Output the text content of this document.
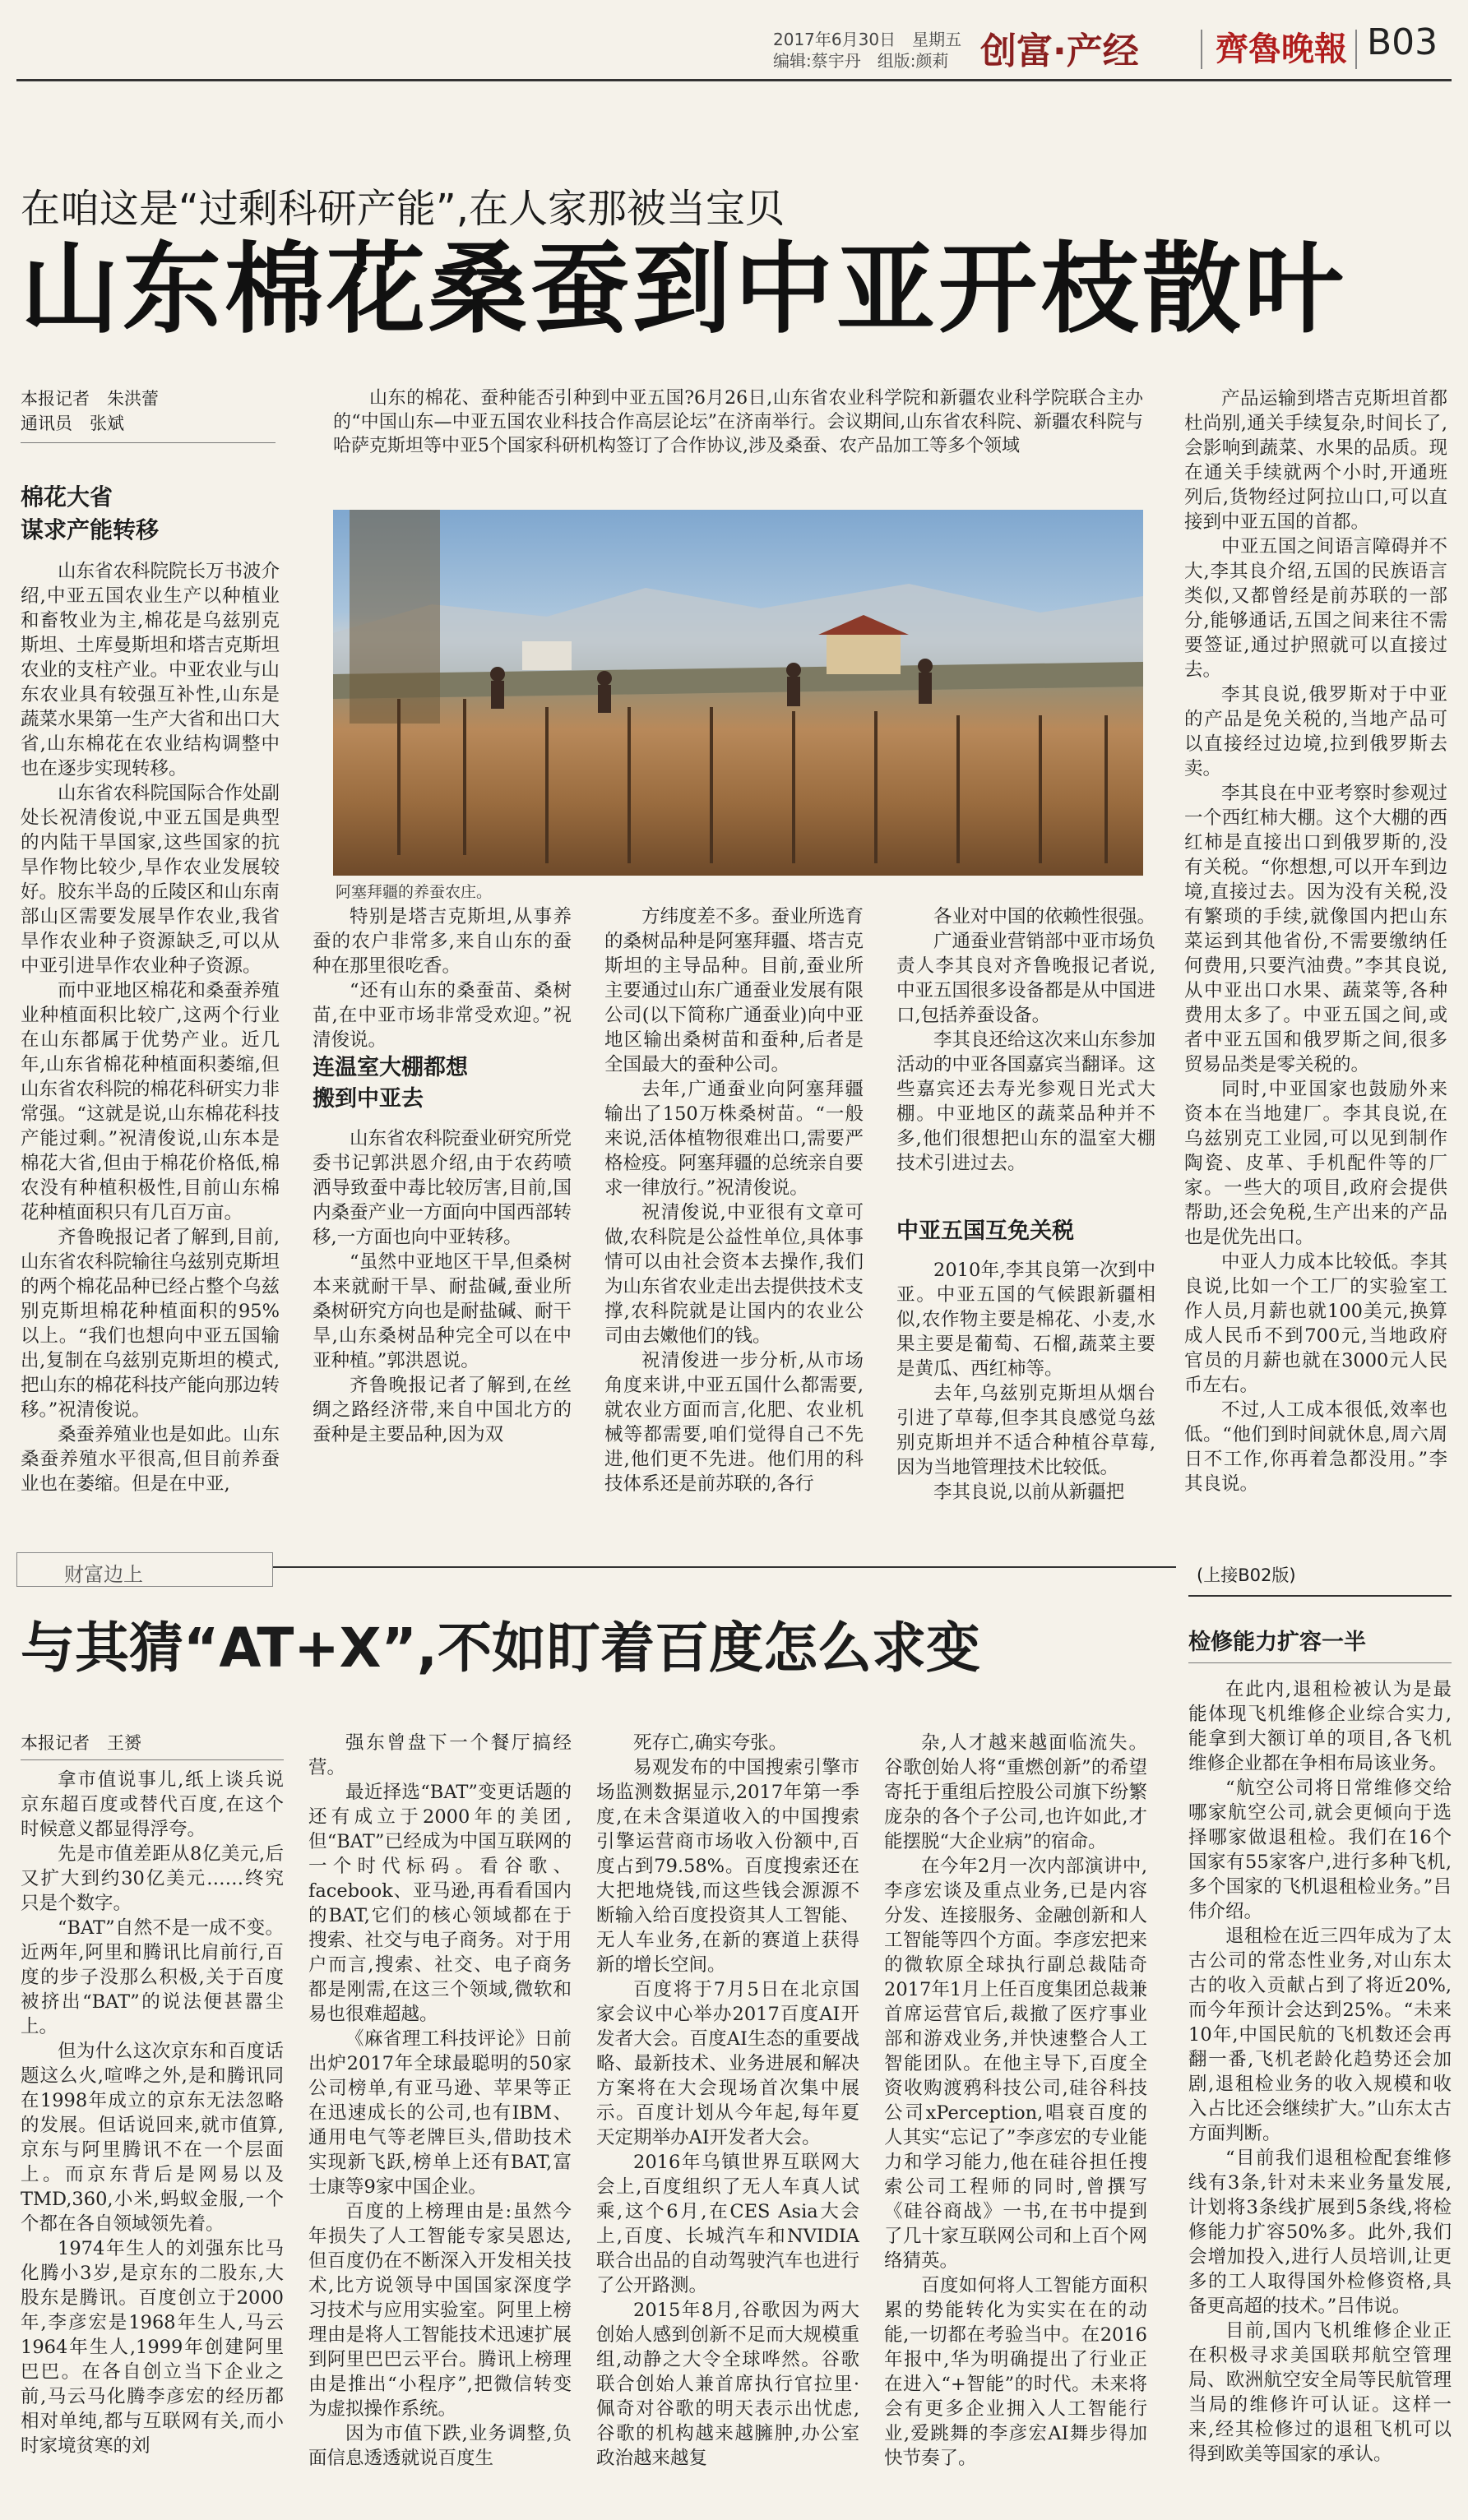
2017年6月30日　星期五
编辑:蔡宇丹　组版:颜莉 创富·产经 齊魯晚報 B03
在咱这是“过剩科研产能”,在人家那被当宝贝
山东棉花桑蚕到中亚开枝散叶
本报记者　朱洪蕾
通讯员　张斌
棉花大省
谋求产能转移

山东省农科院院长万书波介绍,中亚五国农业生产以种植业和畜牧业为主,棉花是乌兹别克斯坦、土库曼斯坦和塔吉克斯坦农业的支柱产业。中亚农业与山东农业具有较强互补性,山东是蔬菜水果第一生产大省和出口大省,山东棉花在农业结构调整中也在逐步实现转移。

山东省农科院国际合作处副处长祝清俊说,中亚五国是典型的内陆干旱国家,这些国家的抗旱作物比较少,旱作农业发展较好。胶东半岛的丘陵区和山东南部山区需要发展旱作农业,我省旱作农业种子资源缺乏,可以从中亚引进旱作农业种子资源。

而中亚地区棉花和桑蚕养殖业种植面积比较广,这两个行业在山东都属于优势产业。近几年,山东省棉花种植面积萎缩,但山东省农科院的棉花科研实力非常强。“这就是说,山东棉花科技产能过剩。”祝清俊说,山东本是棉花大省,但由于棉花价格低,棉农没有种植积极性,目前山东棉花种植面积只有几百万亩。

齐鲁晚报记者了解到,目前,山东省农科院输往乌兹别克斯坦的两个棉花品种已经占整个乌兹别克斯坦棉花种植面积的95%以上。“我们也想向中亚五国输出,复制在乌兹别克斯坦的模式,把山东的棉花科技产能向那边转移。”祝清俊说。

桑蚕养殖业也是如此。山东桑蚕养殖水平很高,但目前养蚕业也在萎缩。但是在中亚,

山东的棉花、蚕种能否引种到中亚五国?6月26日,山东省农业科学院和新疆农业科学院联合主办的“中国山东—中亚五国农业科技合作高层论坛”在济南举行。会议期间,山东省农科院、新疆农科院与哈萨克斯坦等中亚5个国家科研机构签订了合作协议,涉及桑蚕、农产品加工等多个领域

阿塞拜疆的养蚕农庄。

特别是塔吉克斯坦,从事养蚕的农户非常多,来自山东的蚕种在那里很吃香。

“还有山东的桑蚕苗、桑树苗,在中亚市场非常受欢迎。”祝清俊说。

连温室大棚都想
搬到中亚去

山东省农科院蚕业研究所党委书记郭洪恩介绍,由于农药喷洒导致蚕中毒比较厉害,目前,国内桑蚕产业一方面向中国西部转移,一方面也向中亚转移。

“虽然中亚地区干旱,但桑树本来就耐干旱、耐盐碱,蚕业所桑树研究方向也是耐盐碱、耐干旱,山东桑树品种完全可以在中亚种植。”郭洪恩说。

齐鲁晚报记者了解到,在丝绸之路经济带,来自中国北方的蚕种是主要品种,因为双

方纬度差不多。蚕业所选育的桑树品种是阿塞拜疆、塔吉克斯坦的主导品种。目前,蚕业所主要通过山东广通蚕业发展有限公司(以下简称广通蚕业)向中亚地区输出桑树苗和蚕种,后者是全国最大的蚕种公司。

去年,广通蚕业向阿塞拜疆输出了150万株桑树苗。“一般来说,活体植物很难出口,需要严格检疫。阿塞拜疆的总统亲自要求一律放行。”祝清俊说。

祝清俊说,中亚很有文章可做,农科院是公益性单位,具体事情可以由社会资本去操作,我们为山东省农业走出去提供技术支撑,农科院就是让国内的农业公司由去嫩他们的钱。

祝清俊进一步分析,从市场角度来讲,中亚五国什么都需要,就农业方面而言,化肥、农业机械等都需要,咱们觉得自己不先进,他们更不先进。他们用的科技体系还是前苏联的,各行

各业对中国的依赖性很强。

广通蚕业营销部中亚市场负责人李其良对齐鲁晚报记者说,中亚五国很多设备都是从中国进口,包括养蚕设备。

李其良还给这次来山东参加活动的中亚各国嘉宾当翻译。这些嘉宾还去寿光参观日光式大棚。中亚地区的蔬菜品种并不多,他们很想把山东的温室大棚技术引进过去。

中亚五国互免关税

2010年,李其良第一次到中亚。中亚五国的气候跟新疆相似,农作物主要是棉花、小麦,水果主要是葡萄、石榴,蔬菜主要是黄瓜、西红柿等。

去年,乌兹别克斯坦从烟台引进了草莓,但李其良感觉乌兹别克斯坦并不适合种植谷草莓,因为当地管理技术比较低。

李其良说,以前从新疆把

产品运输到塔吉克斯坦首都杜尚别,通关手续复杂,时间长了,会影响到蔬菜、水果的品质。现在通关手续就两个小时,开通班列后,货物经过阿拉山口,可以直接到中亚五国的首都。

中亚五国之间语言障碍并不大,李其良介绍,五国的民族语言类似,又都曾经是前苏联的一部分,能够通话,五国之间来往不需要签证,通过护照就可以直接过去。

李其良说,俄罗斯对于中亚的产品是免关税的,当地产品可以直接经过边境,拉到俄罗斯去卖。

李其良在中亚考察时参观过一个西红柿大棚。这个大棚的西红柿是直接出口到俄罗斯的,没有关税。“你想想,可以开车到边境,直接过去。因为没有关税,没有繁琐的手续,就像国内把山东菜运到其他省份,不需要缴纳任何费用,只要汽油费。”李其良说,从中亚出口水果、蔬菜等,各种费用太多了。中亚五国之间,或者中亚五国和俄罗斯之间,很多贸易品类是零关税的。

同时,中亚国家也鼓励外来资本在当地建厂。李其良说,在乌兹别克工业园,可以见到制作陶瓷、皮革、手机配件等的厂家。一些大的项目,政府会提供帮助,还会免税,生产出来的产品也是优先出口。

中亚人力成本比较低。李其良说,比如一个工厂的实验室工作人员,月薪也就100美元,换算成人民币不到700元,当地政府官员的月薪也就在3000元人民币左右。

不过,人工成本很低,效率也低。“他们到时间就休息,周六周日不工作,你再着急都没用。”李其良说。

财富边上	(上接B02版)
与其猜“AT+X”,不如盯着百度怎么求变
本报记者　王赟

拿市值说事儿,纸上谈兵说京东超百度或替代百度,在这个时候意义都显得浮夸。

先是市值差距从8亿美元,后又扩大到约30亿美元……终究只是个数字。

“BAT”自然不是一成不变。近两年,阿里和腾讯比肩前行,百度的步子没那么积极,关于百度被挤出“BAT”的说法便甚嚣尘上。

但为什么这次京东和百度话题这么火,喧哗之外,是和腾讯同在1998年成立的京东无法忽略的发展。但话说回来,就市值算,京东与阿里腾讯不在一个层面上。而京东背后是网易以及TMD,360,小米,蚂蚁金服,一个个都在各自领域领先着。

1974年生人的刘强东比马化腾小3岁,是京东的二股东,大股东是腾讯。百度创立于2000年,李彦宏是1968年生人,马云1964年生人,1999年创建阿里巴巴。在各自创立当下企业之前,马云马化腾李彦宏的经历都相对单纯,都与互联网有关,而小时家境贫寒的刘

强东曾盘下一个餐厅搞经营。

最近择选“BAT”变更话题的还有成立于2000年的美团,但“BAT”已经成为中国互联网的一个时代标码。看谷歌、facebook、亚马逊,再看看国内的BAT,它们的核心领域都在于搜索、社交与电子商务。对于用户而言,搜索、社交、电子商务都是刚需,在这三个领域,微软和易也很难超越。

《麻省理工科技评论》日前出炉2017年全球最聪明的50家公司榜单,有亚马逊、苹果等正在迅速成长的公司,也有IBM、通用电气等老牌巨头,借助技术实现新飞跃,榜单上还有BAT,富士康等9家中国企业。

百度的上榜理由是:虽然今年损失了人工智能专家吴恩达,但百度仍在不断深入开发相关技术,比方说领导中国国家深度学习技术与应用实验室。阿里上榜理由是将人工智能技术迅速扩展到阿里巴巴云平台。腾讯上榜理由是推出“小程序”,把微信转变为虚拟操作系统。

因为市值下跌,业务调整,负面信息透透就说百度生

死存亡,确实夸张。

易观发布的中国搜索引擎市场监测数据显示,2017年第一季度,在未含渠道收入的中国搜索引擎运营商市场收入份额中,百度占到79.58%。百度搜索还在大把地烧钱,而这些钱会源源不断输入给百度投资其人工智能、无人车业务,在新的赛道上获得新的增长空间。

百度将于7月5日在北京国家会议中心举办2017百度AI开发者大会。百度AI生态的重要战略、最新技术、业务进展和解决方案将在大会现场首次集中展示。百度计划从今年起,每年夏天定期举办AI开发者大会。

2016年乌镇世界互联网大会上,百度组织了无人车真人试乘,这个6月,在CES Asia大会上,百度、长城汽车和NVIDIA联合出品的自动驾驶汽车也进行了公开路测。

2015年8月,谷歌因为两大创始人感到创新不足而大规模重组,动静之大令全球哗然。谷歌联合创始人兼首席执行官拉里·佩奇对谷歌的明天表示出忧虑,谷歌的机构越来越臃肿,办公室政治越来越复

杂,人才越来越面临流失。谷歌创始人将“重燃创新”的希望寄托于重组后控股公司旗下纷繁庞杂的各个子公司,也许如此,才能摆脱“大企业病”的宿命。

在今年2月一次内部演讲中,李彦宏谈及重点业务,已是内容分发、连接服务、金融创新和人工智能等四个方面。李彦宏把来的微软原全球执行副总裁陆奇2017年1月上任百度集团总裁兼首席运营官后,裁撤了医疗事业部和游戏业务,并快速整合人工智能团队。在他主导下,百度全资收购渡鸦科技公司,硅谷科技公司xPerception,唱衰百度的人其实“忘记了”李彦宏的专业能力和学习能力,他在硅谷担任搜索公司工程师的同时,曾撰写《硅谷商战》一书,在书中提到了几十家互联网公司和上百个网络猜英。

百度如何将人工智能方面积累的势能转化为实实在在的动能,一切都在考验当中。在2016年报中,华为明确提出了行业正在进入“+智能”的时代。未来将会有更多企业拥入人工智能行业,爱跳舞的李彦宏AI舞步得加快节奏了。

检修能力扩容一半

在此内,退租检被认为是最能体现飞机维修企业综合实力,能拿到大额订单的项目,各飞机维修企业都在争相布局该业务。

“航空公司将日常维修交给哪家航空公司,就会更倾向于选择哪家做退租检。我们在16个国家有55家客户,进行多种飞机,多个国家的飞机退租检业务。”吕伟介绍。

退租检在近三四年成为了太古公司的常态性业务,对山东太古的收入贡献占到了将近20%,而今年预计会达到25%。“未来10年,中国民航的飞机数还会再翻一番,飞机老龄化趋势还会加剧,退租检业务的收入规模和收入占比还会继续扩大。”山东太古方面判断。

“目前我们退租检配套维修线有3条,针对未来业务量发展,计划将3条线扩展到5条线,将检修能力扩容50%多。此外,我们会增加投入,进行人员培训,让更多的工人取得国外检修资格,具备更高超的技术。”吕伟说。

目前,国内飞机维修企业正在积极寻求美国联邦航空管理局、欧洲航空安全局等民航管理当局的维修许可认证。这样一来,经其检修过的退租飞机可以得到欧美等国家的承认。
